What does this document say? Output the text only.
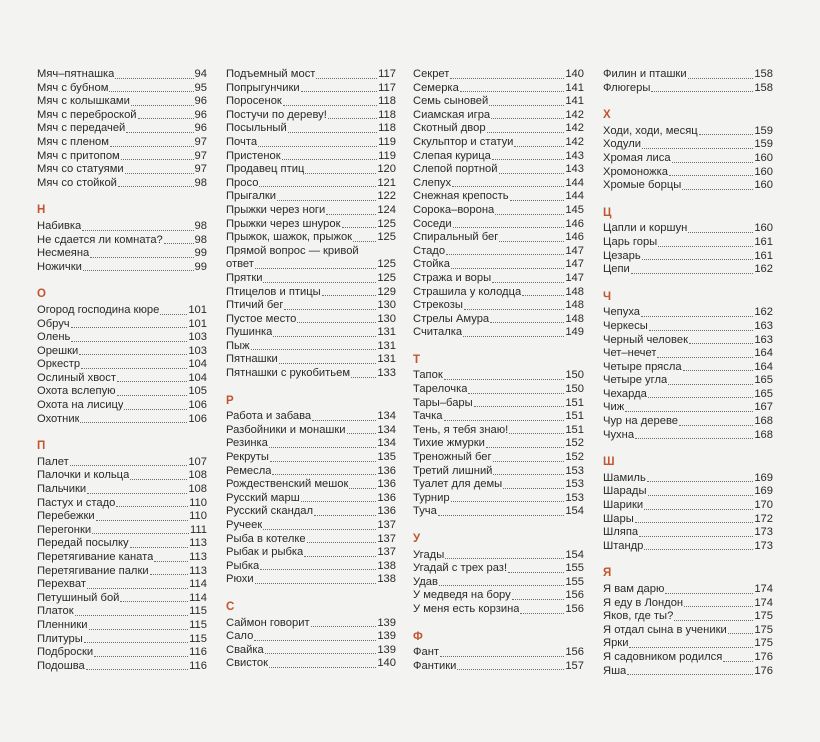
Мяч–пятнашка	94
Мяч с бубном	95
Мяч с колышками	96
Мяч с переброской	96
Мяч с передачей	96
Мяч с пленом	97
Мяч с притопом	97
Мяч со статуями	97
Мяч со стойкой	98
Н
Набивка	98
Не сдается ли комната?	98
Несмеяна	99
Ножички	99
О
Огород господина кюре	101
Обруч	101
Олень	103
Орешки	103
Оркестр	104
Ослиный хвост	104
Охота вслепую	105
Охота на лисицу	106
Охотник	106
П
Палет	107
Палочки и кольца	108
Пальчики	108
Пастух и стадо	110
Перебежки	110
Перегонки	111
Передай посылку	113
Перетягивание каната	113
Перетягивание палки	113
Перехват	114
Петушиный бой	114
Платок	115
Пленники	115
Плитуры	115
Подброски	116
Подошва	116
Подъемный мост	117
Попрыгунчики	117
Поросенок	118
Постучи по дереву!	118
Посыльный	118
Почта	119
Пристенок	119
Продавец птиц	120
Просо	121
Прыгалки	122
Прыжки через ноги	124
Прыжки через шнурок	125
Прыжок, шажок, прыжок 125
Прямой вопрос — кривой
ответ	125
Прятки	125
Птицелов и птицы	129
Птичий бег	130
Пустое место	130
Пушинка	131
Пыж	131
Пятнашки	131
Пятнашки с рукобитьем 133
Р
Работа и забава	134
Разбойники и монашки	134
Резинка	134
Рекруты	135
Ремесла	136
Рождественский мешок	136
Русский марш	136
Русский скандал	136
Ручеек	137
Рыба в котелке	137
Рыбак и рыбка	137
Рыбка	138
Рюхи	138
С
Саймон говорит	139
Сало	139
Свайка	139
Свисток	140
Секрет	140
Семерка	141
Семь сыновей	141
Сиамская игра	142
Скотный двор	142
Скульптор и статуи	142
Слепая курица	143
Слепой портной	143
Слепух	144
Снежная крепость	144
Сорока–ворона	145
Соседи	146
Спиральный бег	146
Стадо	147
Стойка	147
Стража и воры	147
Страшила у колодца	148
Стрекозы	148
Стрелы Амура	148
Считалка	149
Т
Тапок	150
Тарелочка	150
Тары–бары	151
Тачка	151
Тень, я тебя знаю!	151
Тихие жмурки	152
Треножный бег	152
Третий лишний	153
Туалет для демы	153
Турнир	153
Туча	154
У
Угады	154
Угадай с трех раз!	155
Удав	155
У медведя на бору	156
У меня есть корзина	156
Ф
Фант	156
Фантики	157
Филин и пташки	158
Флюгеры	158
Х
Ходи, ходи, месяц	159
Ходули	159
Хромая лиса	160
Хромоножка	160
Хромые борцы	160
Ц
Цапли и коршун	160
Царь горы	161
Цезарь	161
Цепи	162
Ч
Чепуха	162
Черкесы	163
Черный человек	163
Чет–нечет	164
Четыре прясла	164
Четыре угла	165
Чехарда	165
Чиж	167
Чур на дереве	168
Чухна	168
Ш
Шамиль	169
Шарады	169
Шарики	170
Шары	172
Шляпа	173
Штандр	173
Я
Я вам дарю	174
Я еду в Лондон	174
Яков, где ты?	175
Я отдал сына в ученики 175
Ярки	175
Я садовником родился	176
Яша	176
